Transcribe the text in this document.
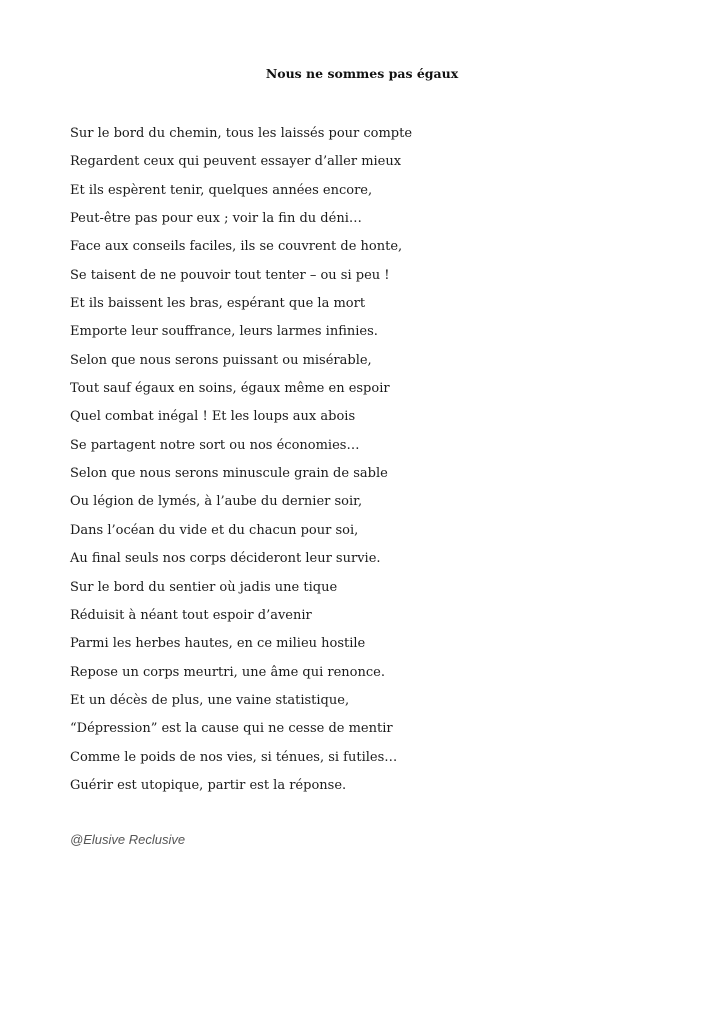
Nous ne sommes pas égaux
Sur le bord du chemin, tous les laissés pour compte
Regardent ceux qui peuvent essayer d’aller mieux
Et ils espèrent tenir, quelques années encore,
Peut-être pas pour eux ; voir la fin du déni…
Face aux conseils faciles, ils se couvrent de honte,
Se taisent de ne pouvoir tout tenter – ou si peu !
Et ils baissent les bras, espérant que la mort
Emporte leur souffrance, leurs larmes infinies.
Selon que nous serons puissant ou misérable,
Tout sauf égaux en soins, égaux même en espoir
Quel combat inégal ! Et les loups aux abois
Se partagent notre sort ou nos économies…
Selon que nous serons minuscule grain de sable
Ou légion de lymés, à l’aube du dernier soir,
Dans l’océan du vide et du chacun pour soi,
Au final seuls nos corps décideront leur survie.
Sur le bord du sentier où jadis une tique
Réduisit à néant tout espoir d’avenir
Parmi les herbes hautes, en ce milieu hostile
Repose un corps meurtri, une âme qui renonce.
Et un décès de plus, une vaine statistique,
“Dépression” est la cause qui ne cesse de mentir
Comme le poids de nos vies, si ténues, si futiles…
Guérir est utopique, partir est la réponse.

@Elusive Reclusive
